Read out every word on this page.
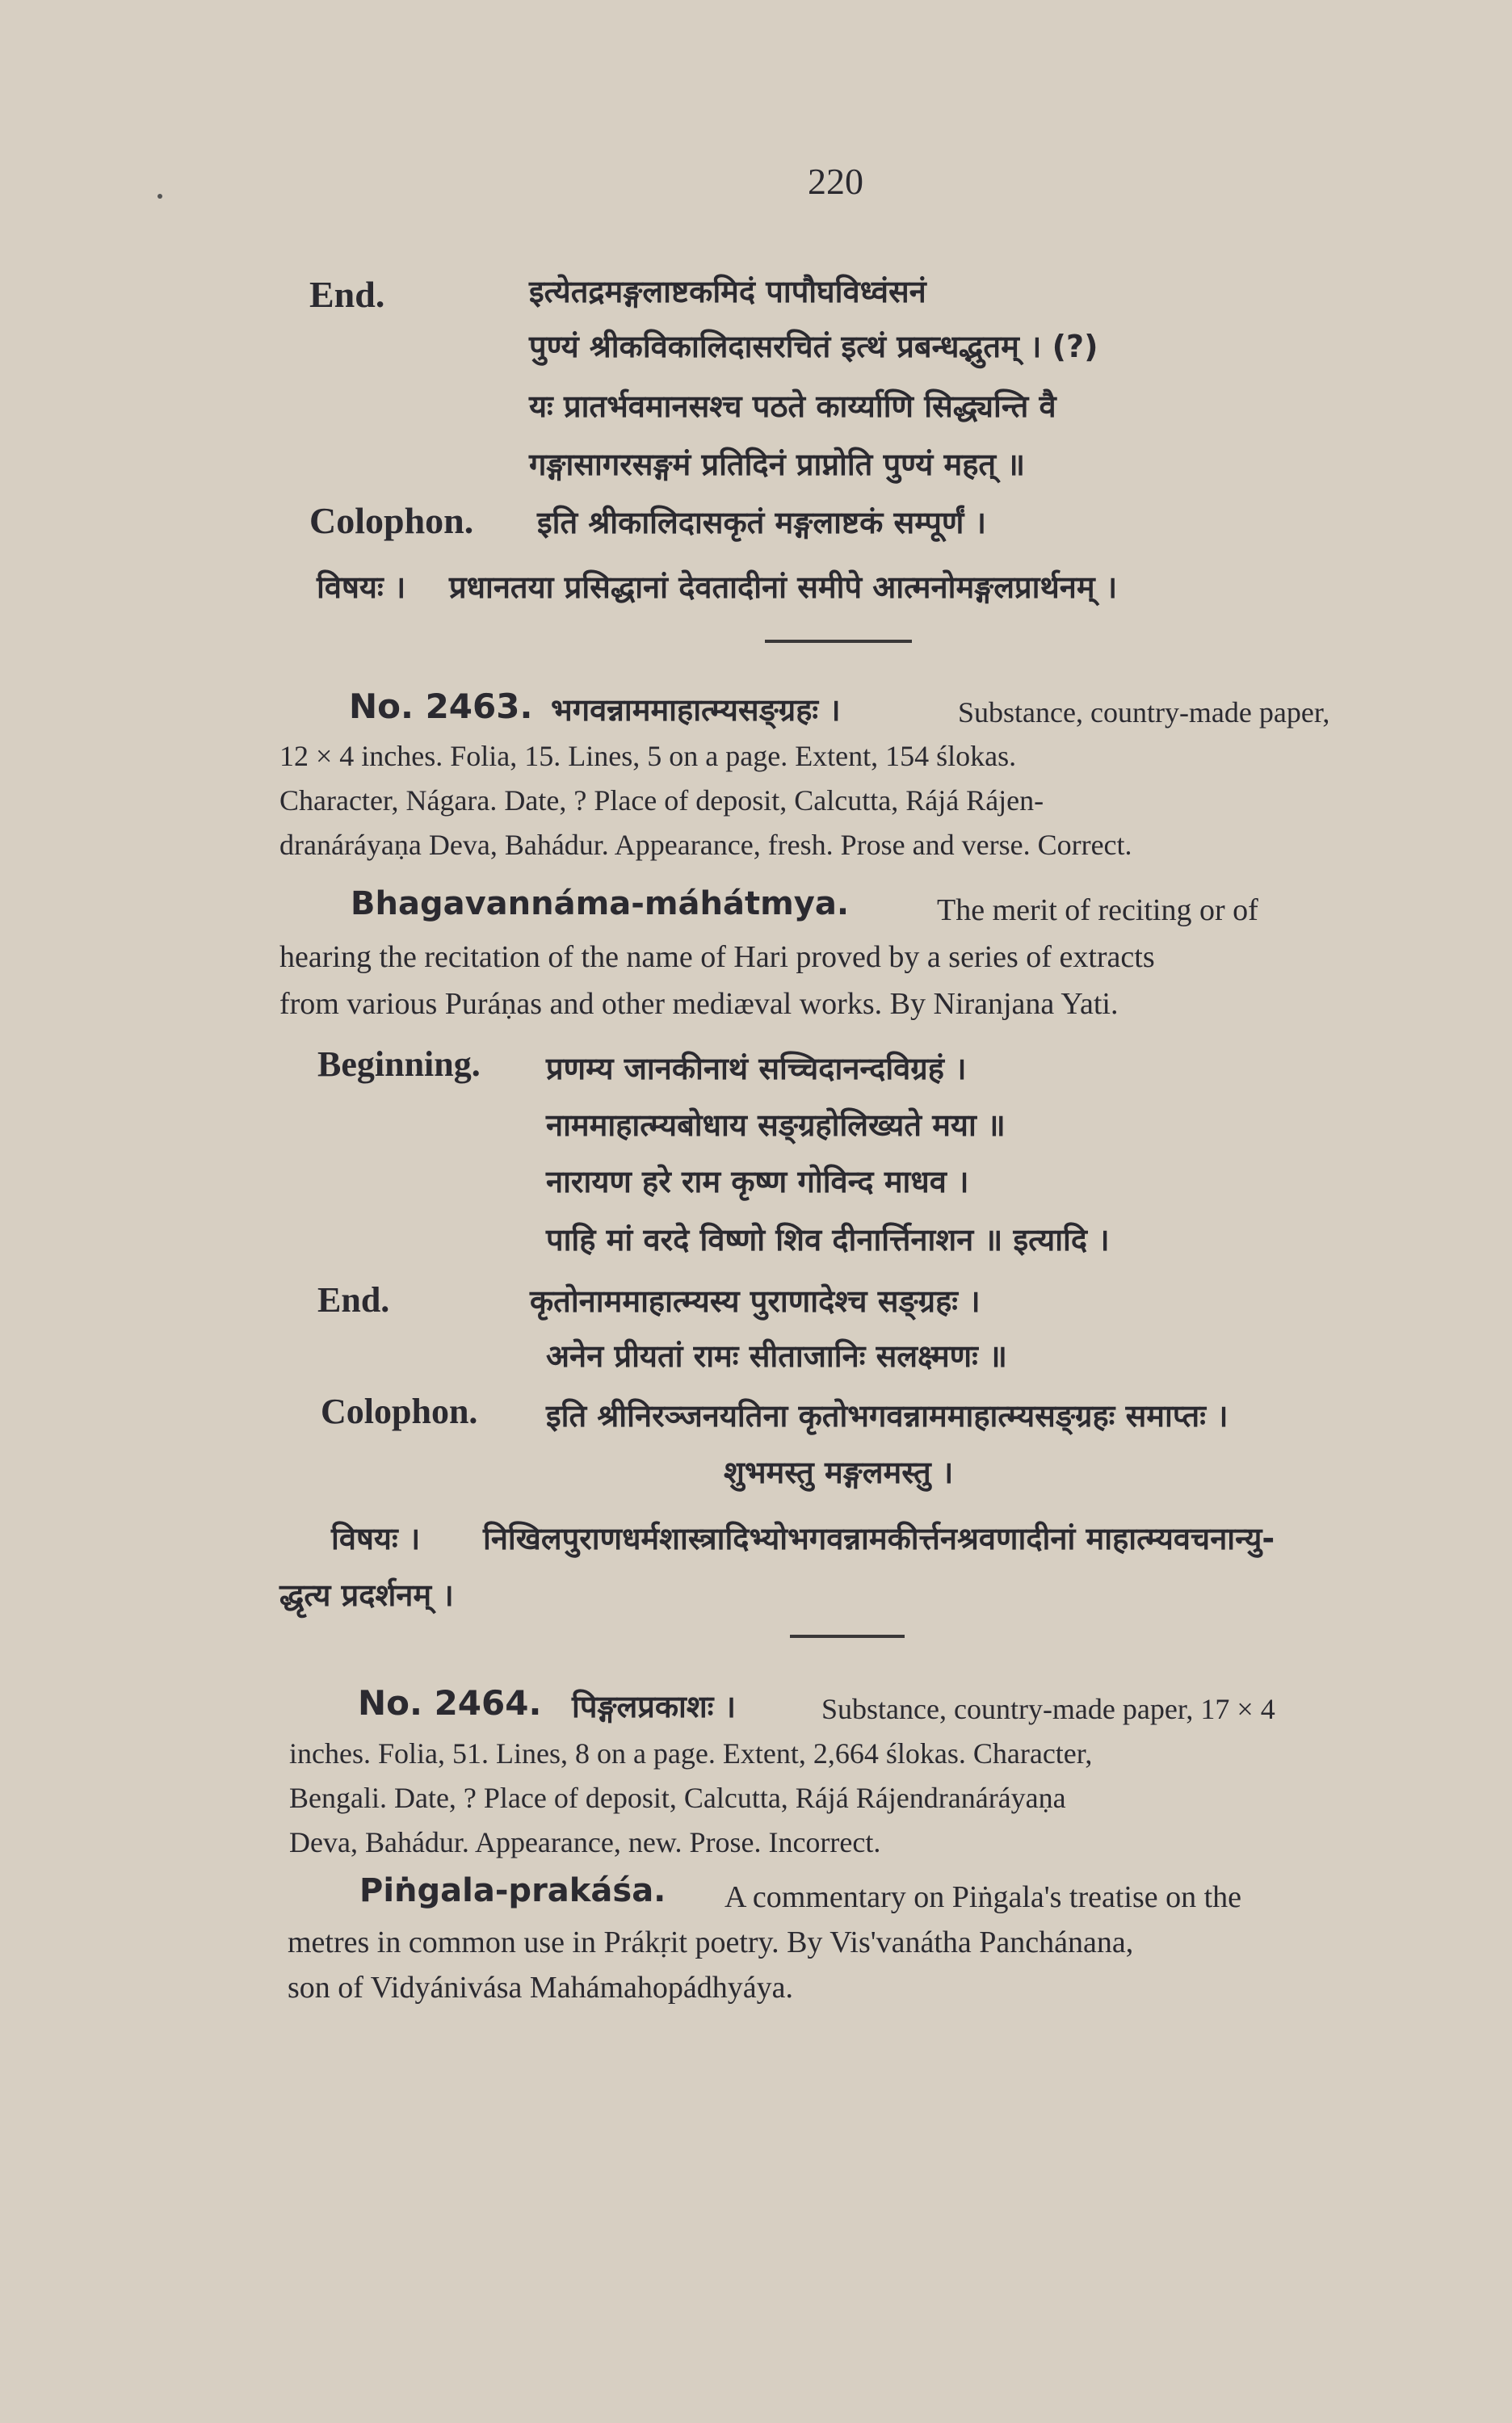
220
End.	इत्येतद्रमङ्गलाष्टकमिदं पापौघविध्वंसनं
पुण्यं श्रीकविकालिदासरचितं इत्थं प्रबन्धद्भुतम् । (?)
यः प्रातर्भवमानसश्च पठते कार्य्याणि सिद्ध्यन्ति वै
गङ्गासागरसङ्गमं प्रतिदिनं प्राप्नोति पुण्यं महत् ॥
Colophon. इति श्रीकालिदासकृतं मङ्गलाष्टकं सम्पूर्णं ।
विषयः । प्रधानतया प्रसिद्धानां देवतादीनां समीपे आत्मनोमङ्गलप्रार्थनम् ।
No. 2463. भगवन्नाममाहात्म्यसङ्ग्रहः ।	Substance, country-made paper,
12 × 4 inches. Folia, 15. Lines, 5 on a page. Extent, 154 ślokas.
Character, Nágara. Date, ? Place of deposit, Calcutta, Rájá Rájen-
dranáráyaṇa Deva, Bahádur. Appearance, fresh. Prose and verse. Correct.
Bhagavannáma-máhátmya.	The merit of reciting or of
hearing the recitation of the name of Hari proved by a series of extracts
from various Puráṇas and other mediæval works. By Niranjana Yati.
Beginning. प्रणम्य जानकीनाथं सच्चिदानन्दविग्रहं ।
नाममाहात्म्यबोधाय सङ्ग्रहोलिख्यते मया ॥
नारायण हरे राम कृष्ण गोविन्द माधव ।
पाहि मां वरदे विष्णो शिव दीनार्त्तिनाशन ॥ इत्यादि ।
End.	कृतोनाममाहात्म्यस्य पुराणादेश्च सङ्ग्रहः ।
अनेन प्रीयतां रामः सीताजानिः सलक्ष्मणः ॥
Colophon. इति श्रीनिरञ्जनयतिना कृतोभगवन्नाममाहात्म्यसङ्ग्रहः समाप्तः ।
शुभमस्तु मङ्गलमस्तु ।
विषयः । निखिलपुराणधर्मशास्त्रादिभ्योभगवन्नामकीर्त्तनश्रवणादीनां माहात्म्यवचनान्यु-
द्धृत्य प्रदर्शनम् ।
No. 2464. पिङ्गलप्रकाशः ।	Substance, country-made paper, 17 × 4
inches. Folia, 51. Lines, 8 on a page. Extent, 2,664 ślokas. Character,
Bengali. Date, ? Place of deposit, Calcutta, Rájá Rájendranáráyaṇa
Deva, Bahádur. Appearance, new. Prose. Incorrect.
Piṅgala-prakáśa. A commentary on Piṅgala's treatise on the
metres in common use in Prákṛit poetry. By Vis'vanátha Panchánana,
son of Vidyánivása Mahámahopádhyáya.
